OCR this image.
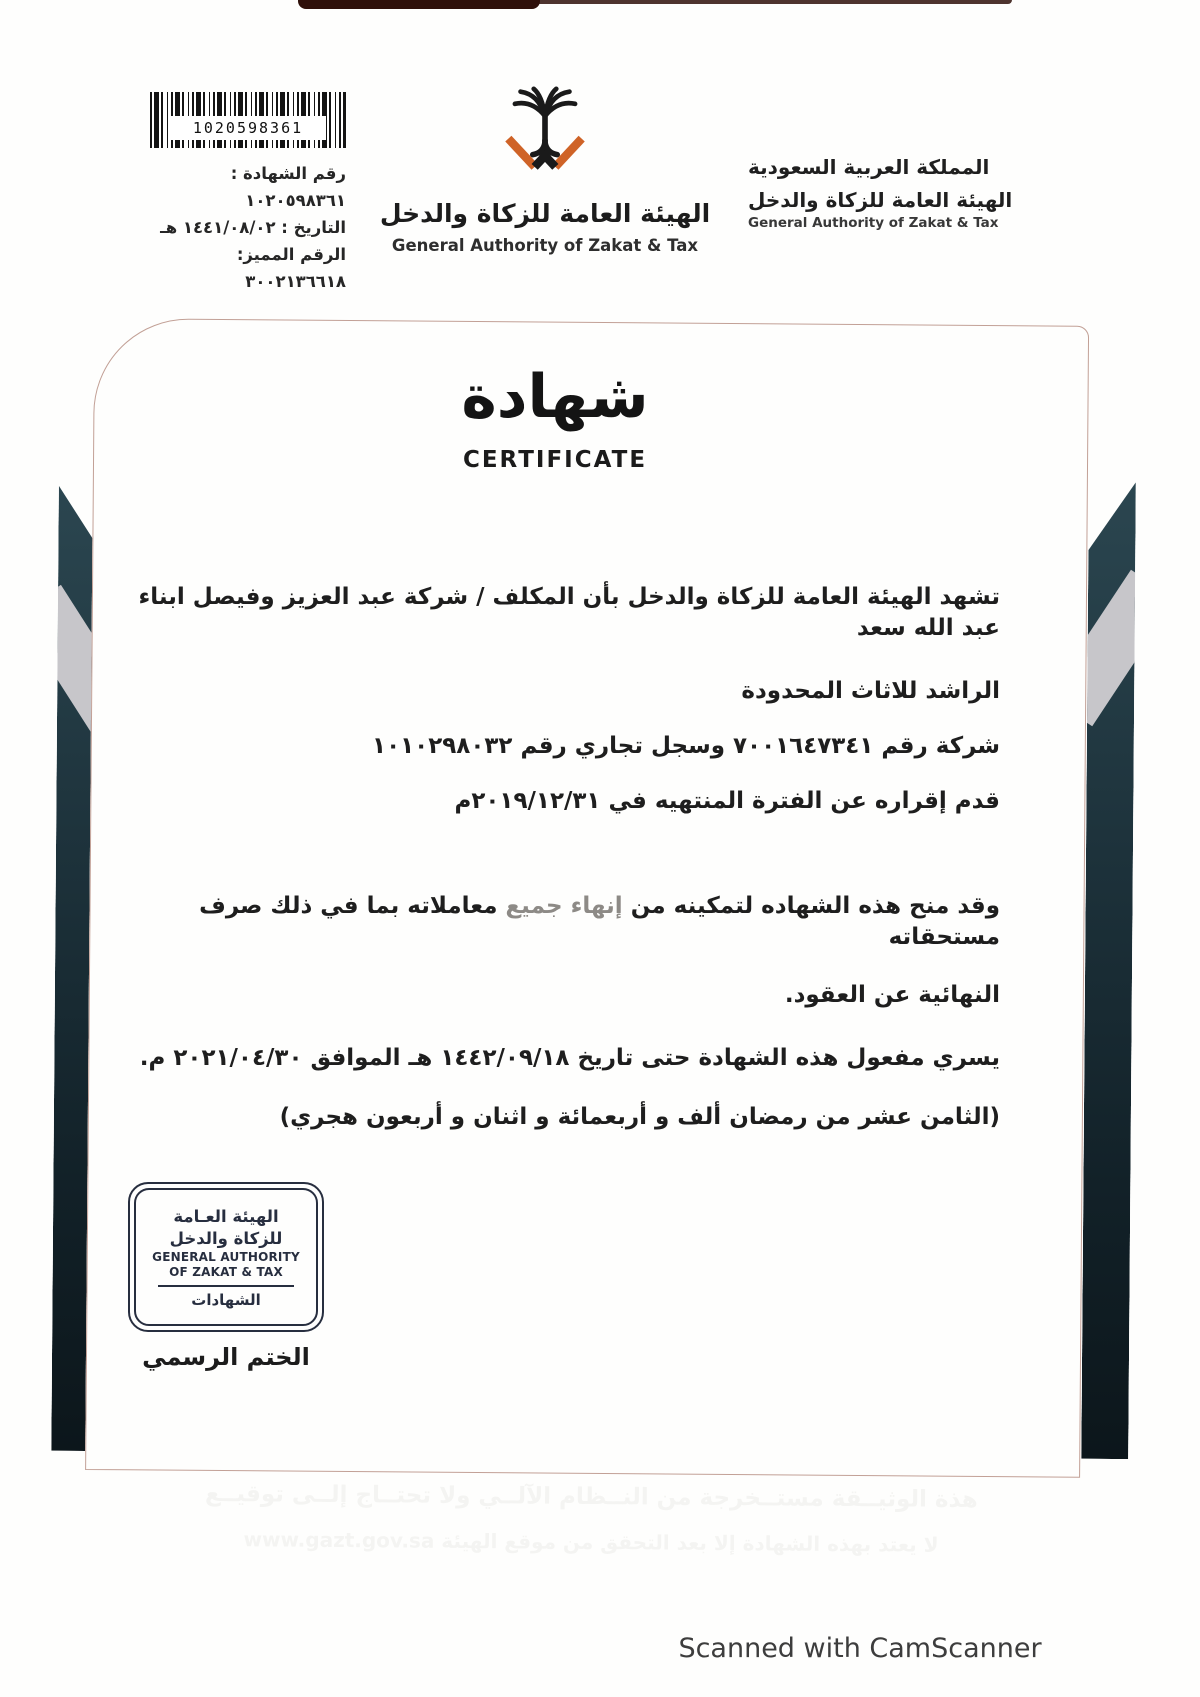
هذة الوثيــقة مستــخرجة من النــظام الآلــي ولا تحتــاج إلــى توقيــع
لا يعتد بهذه الشهادة إلا بعد التحقق من موقع الهيئة www.gazt.gov.sa
1020598361
رقم الشهادة : ١٠٢٠٥٩٨٣٦١
التاريخ : ١٤٤١/٠٨/٠٢ هـ
الرقم المميز: ٣٠٠٢١٣٦٦١٨
الهيئة العامة للزكاة والدخل
General Authority of Zakat & Tax
المملكة العربية السعودية
الهيئة العامة للزكاة والدخل
General Authority of Zakat & Tax
شهادة
CERTIFICATE
تشهد الهيئة العامة للزكاة والدخل بأن المكلف / شركة عبد العزيز وفيصل ابناء عبد الله سعد
الراشد للاثاث المحدودة
شركة رقم ٧٠٠١٦٤٧٣٤١ وسجل تجاري رقم ١٠١٠٢٩٨٠٣٢
قدم إقراره عن الفترة المنتهيه في ٢٠١٩/١٢/٣١م
وقد منح هذه الشهاده لتمكينه من إنهاء جميع معاملاته بما في ذلك صرف مستحقاته
النهائية عن العقود.
يسري مفعول هذه الشهادة حتى تاريخ ١٤٤٢/٠٩/١٨ هـ الموافق ٢٠٢١/٠٤/٣٠ م.
(الثامن عشر من رمضان ألف و أربعمائة و اثنان و أربعون هجري)
الهيئة العـامة
للزكاة والدخل
GENERAL AUTHORITY
OF ZAKAT & TAX
الشهادات
الختم الرسمي
Scanned with CamScanner
